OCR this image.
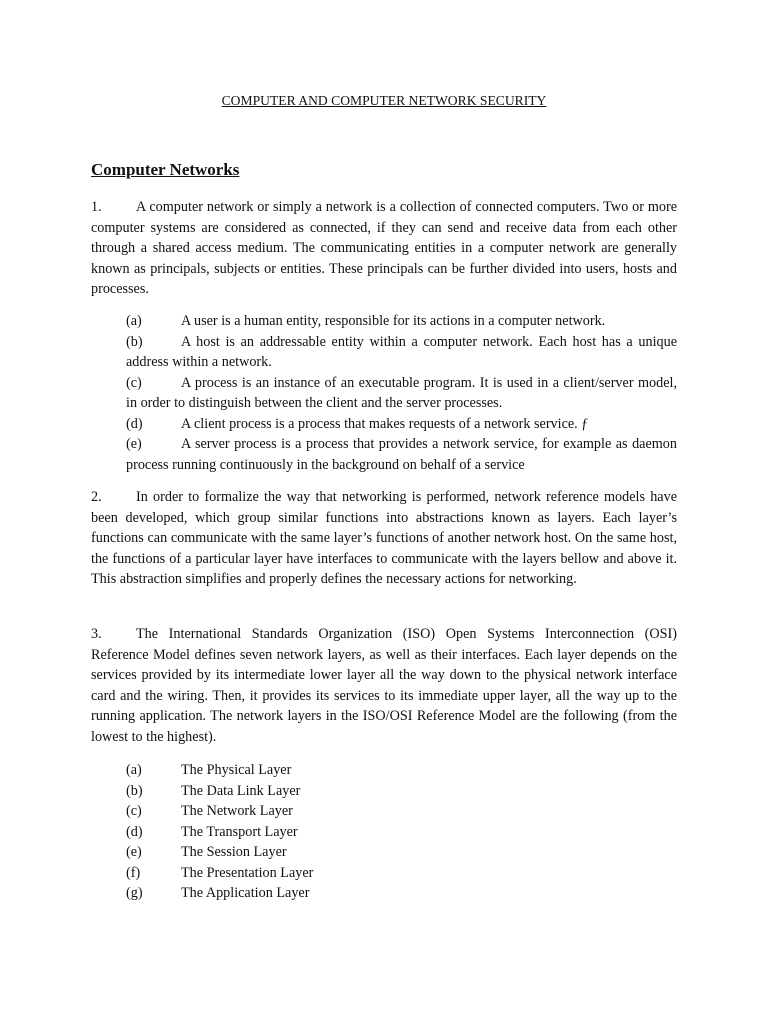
COMPUTER AND COMPUTER NETWORK SECURITY
Computer Networks
1. A computer network or simply a network is a collection of connected computers. Two or more computer systems are considered as connected, if they can send and receive data from each other through a shared access medium. The communicating entities in a computer network are generally known as principals, subjects or entities. These principals can be further divided into users, hosts and processes.
(a)	A user is a human entity, responsible for its actions in a computer network.
(b)	A host is an addressable entity within a computer network. Each host has a unique address within a network.
(c)	A process is an instance of an executable program. It is used in a client/server model, in order to distinguish between the client and the server processes.
(d)	A client process is a process that makes requests of a network service. ƒ
(e)	A server process is a process that provides a network service, for example as daemon process running continuously in the background on behalf of a service
2. In order to formalize the way that networking is performed, network reference models have been developed, which group similar functions into abstractions known as layers. Each layer’s functions can communicate with the same layer’s functions of another network host. On the same host, the functions of a particular layer have interfaces to communicate with the layers bellow and above it. This abstraction simplifies and properly defines the necessary actions for networking.
3. The International Standards Organization (ISO) Open Systems Interconnection (OSI) Reference Model defines seven network layers, as well as their interfaces. Each layer depends on the services provided by its intermediate lower layer all the way down to the physical network interface card and the wiring. Then, it provides its services to its immediate upper layer, all the way up to the running application. The network layers in the ISO/OSI Reference Model are the following (from the lowest to the highest).
(a)	The Physical Layer
(b)	The Data Link Layer
(c)	The Network Layer
(d)	The Transport Layer
(e)	The Session Layer
(f)	The Presentation Layer
(g)	The Application Layer
